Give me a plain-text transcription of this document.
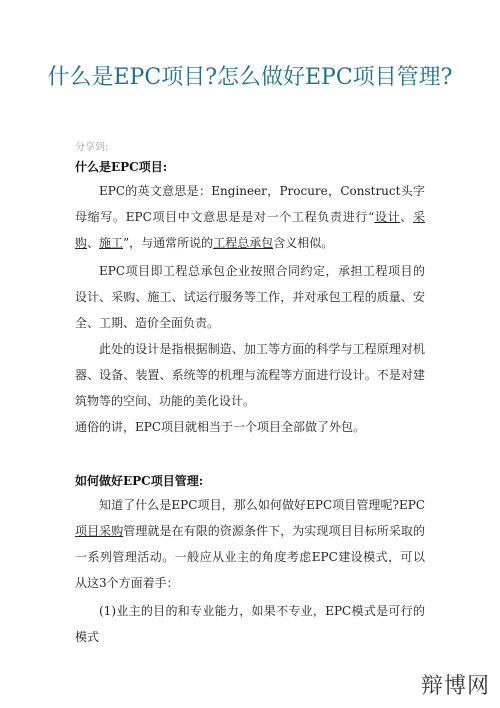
什么是EPC项目?怎么做好EPC项目管理?
分享到:
什么是EPC项目:
EPC的英文意思是：Engineer，Procure，Construct头字母缩写。EPC项目中文意思是是对一个工程负责进行“设计、采购、施工”，与通常所说的工程总承包含义相似。
EPC项目即工程总承包企业按照合同约定，承担工程项目的设计、采购、施工、试运行服务等工作，并对承包工程的质量、安全、工期、造价全面负责。
此处的设计是指根据制造、加工等方面的科学与工程原理对机器、设备、装置、系统等的机理与流程等方面进行设计。不是对建筑物等的空间、功能的美化设计。
通俗的讲，EPC项目就相当于一个项目全部做了外包。
如何做好EPC项目管理:
知道了什么是EPC项目，那么如何做好EPC项目管理呢?EPC项目采购管理就是在有限的资源条件下，为实现项目目标所采取的一系列管理活动。一般应从业主的角度考虑EPC建设模式，可以从这3个方面着手：
(1)业主的目的和专业能力，如果不专业，EPC模式是可行的模式
辩博网
